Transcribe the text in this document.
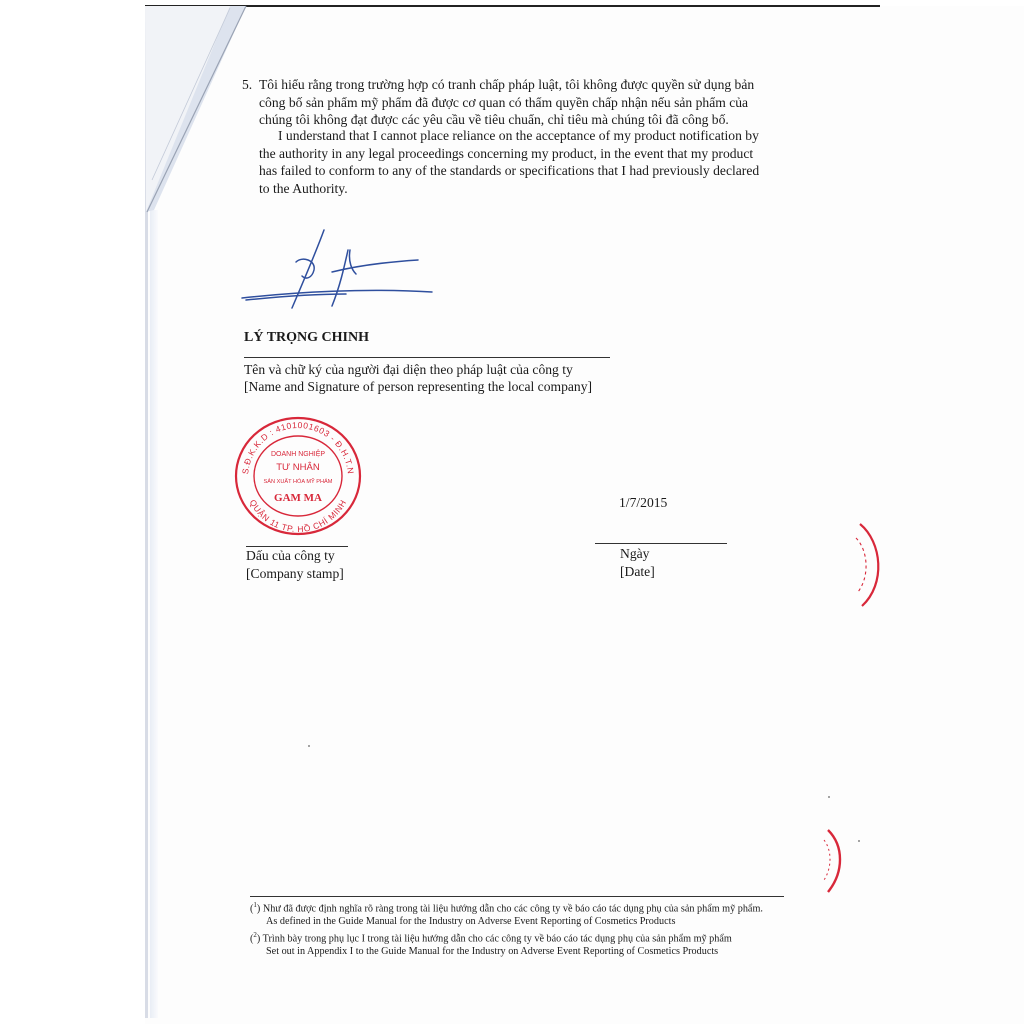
5. Tôi hiểu rằng trong trường hợp có tranh chấp pháp luật, tôi không được quyền sử dụng bản
công bố sản phẩm mỹ phẩm đã được cơ quan có thẩm quyền chấp nhận nếu sản phẩm của
chúng tôi không đạt được các yêu cầu về tiêu chuẩn, chỉ tiêu mà chúng tôi đã công bố.
I understand that I cannot place reliance on the acceptance of my product notification by
the authority in any legal proceedings concerning my product, in the event that my product
has failed to conform to any of the standards or specifications that I had previously declared
to the Authority.
LÝ TRỌNG CHINH
Tên và chữ ký của người đại diện theo pháp luật của công ty
[Name and Signature of person representing the local company]
S.Đ.K.K.D : 4101001603 - Đ.H.T.N
QUẬN 11 TP. HỒ CHÍ MINH
DOANH NGHIỆP
TƯ NHÂN
SẢN XUẤT HÓA MỸ PHẨM
GAM MA
Dấu của công ty
[Company stamp]
1/7/2015
Ngày
[Date]
($^1$) Như đã được định nghĩa rõ ràng trong tài liệu hướng dẫn cho các công ty về báo cáo tác dụng phụ của sản phẩm mỹ phẩm.
As defined in the Guide Manual for the Industry on Adverse Event Reporting of Cosmetics Products
($^2$) Trình bày trong phụ lục I trong tài liệu hướng dẫn cho các công ty về báo cáo tác dụng phụ của sản phẩm mỹ phẩm
Set out in Appendix I to the Guide Manual for the Industry on Adverse Event Reporting of Cosmetics Products
